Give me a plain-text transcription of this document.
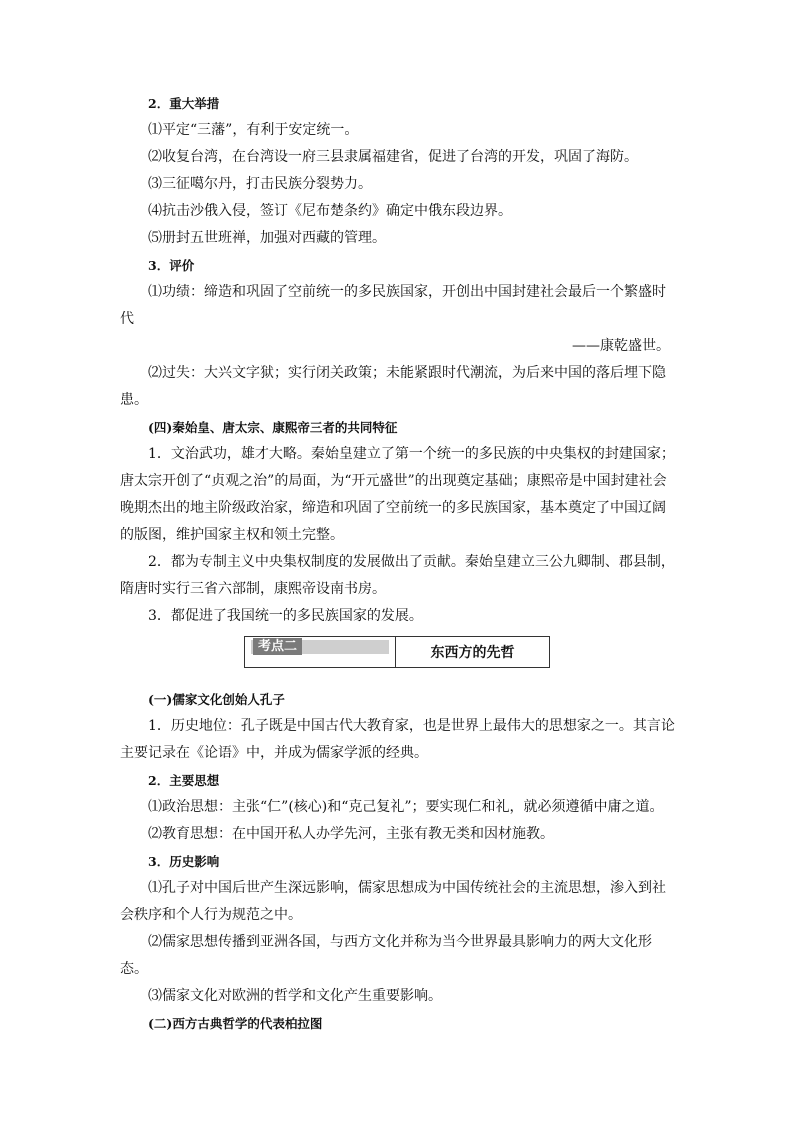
2．重大举措

⑴平定“三藩”，有利于安定统一。

⑵收复台湾，在台湾设一府三县隶属福建省，促进了台湾的开发，巩固了海防。

⑶三征噶尔丹，打击民族分裂势力。

⑷抗击沙俄入侵，签订《尼布楚条约》确定中俄东段边界。

⑸册封五世班禅，加强对西藏的管理。

3．评价

⑴功绩：缔造和巩固了空前统一的多民族国家，开创出中国封建社会最后一个繁盛时代

——康乾盛世。

⑵过失：大兴文字狱；实行闭关政策；未能紧跟时代潮流，为后来中国的落后埋下隐患。

(四)秦始皇、唐太宗、康熙帝三者的共同特征

1．文治武功，雄才大略。秦始皇建立了第一个统一的多民族的中央集权的封建国家；唐太宗开创了“贞观之治”的局面，为“开元盛世”的出现奠定基础；康熙帝是中国封建社会晚期杰出的地主阶级政治家，缔造和巩固了空前统一的多民族国家，基本奠定了中国辽阔的版图，维护国家主权和领土完整。

2．都为专制主义中央集权制度的发展做出了贡献。秦始皇建立三公九卿制、郡县制，隋唐时实行三省六部制，康熙帝设南书房。

3．都促进了我国统一的多民族国家的发展。

考点二	东西方的先哲

(一)儒家文化创始人孔子

1．历史地位：孔子既是中国古代大教育家，也是世界上最伟大的思想家之一。其言论主要记录在《论语》中，并成为儒家学派的经典。

2．主要思想

⑴政治思想：主张“仁”(核心)和“克己复礼”；要实现仁和礼，就必须遵循中庸之道。

⑵教育思想：在中国开私人办学先河，主张有教无类和因材施教。

3．历史影响

⑴孔子对中国后世产生深远影响，儒家思想成为中国传统社会的主流思想，渗入到社会秩序和个人行为规范之中。

⑵儒家思想传播到亚洲各国，与西方文化并称为当今世界最具影响力的两大文化形态。

⑶儒家文化对欧洲的哲学和文化产生重要影响。

(二)西方古典哲学的代表柏拉图
